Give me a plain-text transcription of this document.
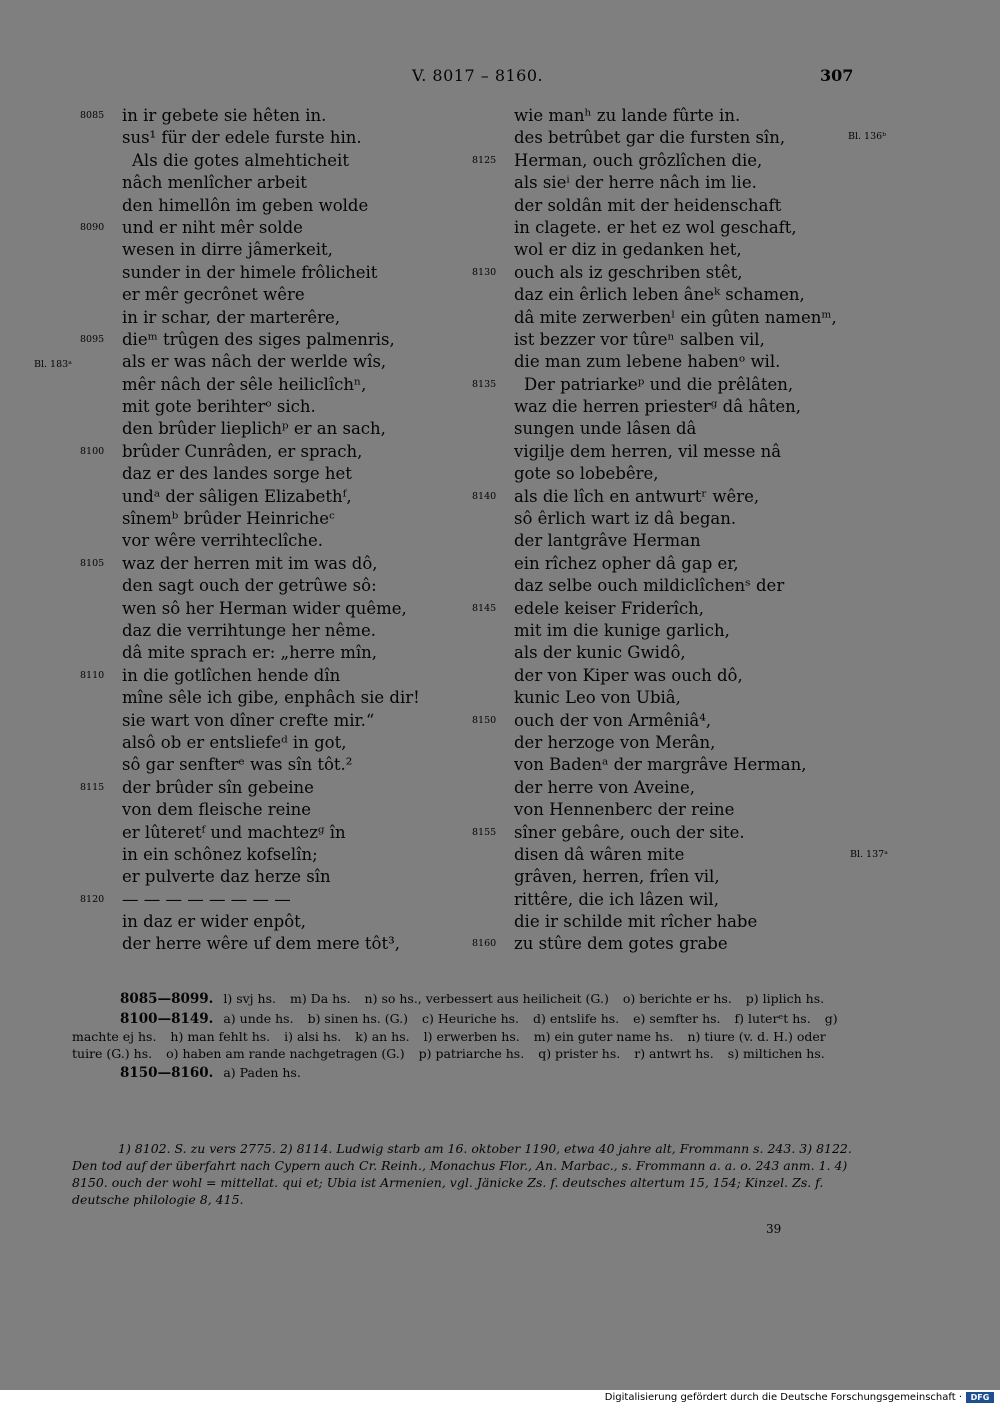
V. 8017 – 8160.	307
8085	in ir gebete sie hêten in.
sus¹ für der edele furste hin.
Als die gotes almehticheit
nâch menlîcher arbeit
den himellôn im geben wolde
8090	und er niht mêr solde
wesen in dirre jâmerkeit,
sunder in der himele frôlicheit
er mêr gecrônet wêre
in ir schar, der marterêre,
8095	dieᵐ trûgen des siges palmenris,
als er was nâch der werlde wîs,
mêr nâch der sêle heiliclîchⁿ,
mit gote berihterᵒ sich.
den brûder lieplichᵖ er an sach,
8100	brûder Cunrâden, er sprach,
daz er des landes sorge het
undᵃ der sâligen Elizabethᶠ,
sînemᵇ brûder Heinricheᶜ
vor wêre verrihteclîche.
8105	waz der herren mit im was dô,
den sagt ouch der getrûwe sô:
wen sô her Herman wider quême,
daz die verrihtunge her nême.
dâ mite sprach er: „herre mîn,
8110	in die gotlîchen hende dîn
mîne sêle ich gibe, enphâch sie dir!
sie wart von dîner crefte mir.“
alsô ob er entsliefeᵈ in got,
sô gar senfterᵉ was sîn tôt.²
8115	der brûder sîn gebeine
von dem fleische reine
er lûteretᶠ und machtezᵍ în
in ein schônez kofselîn;
er pulverte daz herze sîn
8120	— — — — — — — —
in daz er wider enpôt,
der herre wêre uf dem mere tôt³,
wie manʰ zu lande fûrte in.
des betrûbet gar die fursten sîn,
8125	Herman, ouch grôzlîchen die,
als sieⁱ der herre nâch im lie.
der soldân mit der heidenschaft
in clagete. er het ez wol geschaft,
wol er diz in gedanken het,
8130	ouch als iz geschriben stêt,
daz ein êrlich leben âneᵏ schamen,
dâ mite zerwerbenˡ ein gûten namenᵐ,
ist bezzer vor tûreⁿ salben vil,
die man zum lebene habenᵒ wil.
8135	Der patriarkeᵖ und die prêlâten,
waz die herren priesterᵍ dâ hâten,
sungen unde lâsen dâ
vigilje dem herren, vil messe nâ
gote so lobebêre,
8140	als die lîch en antwurtʳ wêre,
sô êrlich wart iz dâ began.
der lantgrâve Herman
ein rîchez opher dâ gap er,
daz selbe ouch mildiclîchenˢ der
8145	edele keiser Friderîch,
mit im die kunige garlich,
als der kunic Gwidô,
der von Kiper was ouch dô,
kunic Leo von Ubiâ,
8150	ouch der von Armêniâ⁴,
der herzoge von Merân,
von Badenᵃ der margrâve Herman,
der herre von Aveine,
von Hennenberc der reine
8155	sîner gebâre, ouch der site.
disen dâ wâren mite
grâven, herren, frîen vil,
rittêre, die ich lâzen wil,
die ir schilde mit rîcher habe
8160	zu stûre dem gotes grabe
Bl. 183ᵃ
Bl. 136ᵇ
Bl. 137ᵃ
8085—8099. l) svj hs. m) Da hs. n) so hs., verbessert aus heilicheit (G.) o) berichte er hs. p) liplich hs.
8100—8149. a) unde hs. b) sinen hs. (G.) c) Heuriche hs. d) entslife hs. e) semfter hs. f) luterᵉt hs. g) machte ej hs. h) man fehlt hs. i) alsi hs. k) an hs. l) erwerben hs. m) ein guter name hs. n) tiure (v. d. H.) oder tuire (G.) hs. o) haben am rande nachgetragen (G.) p) patriarche hs. q) prister hs. r) antwrt hs. s) miltichen hs.
8150—8160. a) Paden hs.
1) 8102. S. zu vers 2775. 2) 8114. Ludwig starb am 16. oktober 1190, etwa 40 jahre alt, Frommann s. 243. 3) 8122. Den tod auf der überfahrt nach Cypern auch Cr. Reinh., Monachus Flor., An. Marbac., s. Frommann a. a. o. 243 anm. 1. 4) 8150. ouch der wohl = mittellat. qui et; Ubia ist Armenien, vgl. Jänicke Zs. f. deutsches altertum 15, 154; Kinzel. Zs. f. deutsche philologie 8, 415.
39
Digitalisierung gefördert durch die Deutsche Forschungsgemeinschaft ·	DFG
